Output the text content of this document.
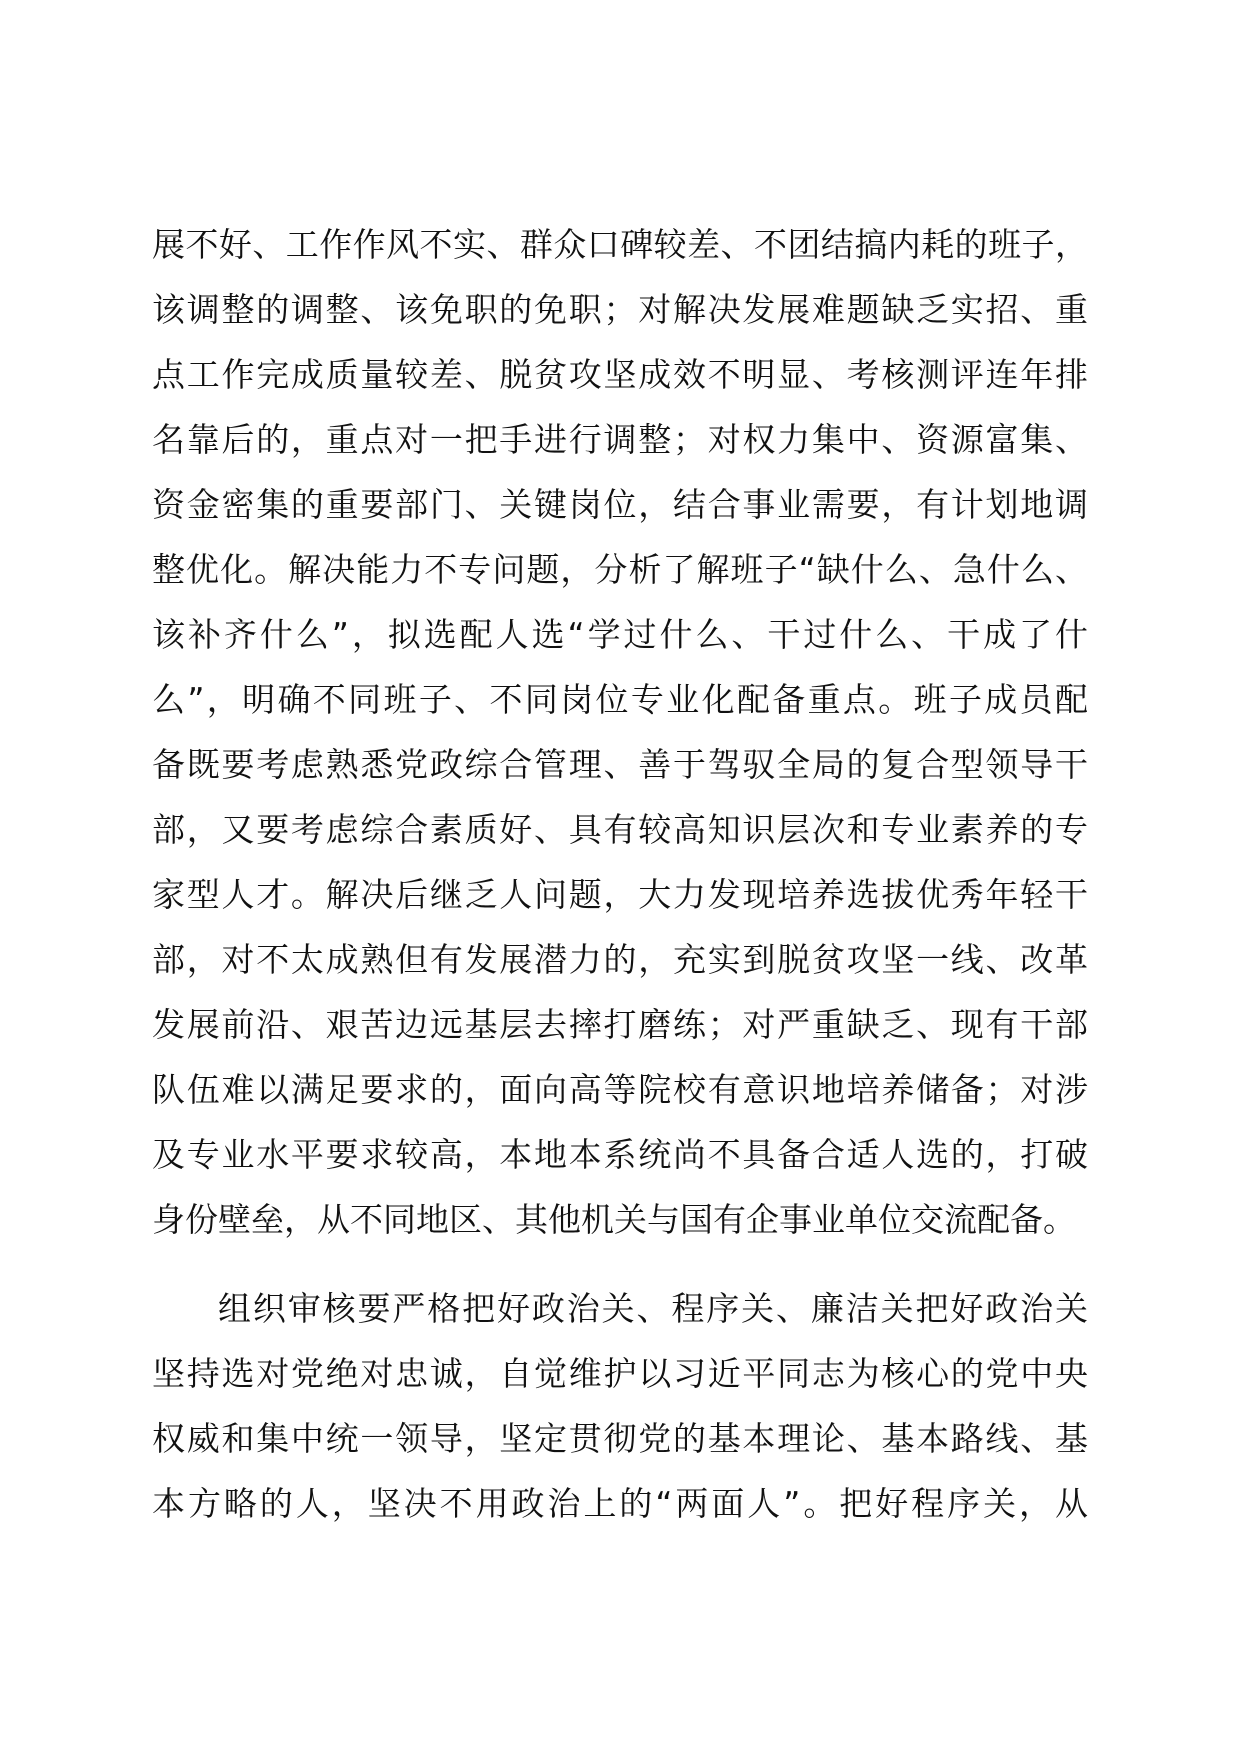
展不好、工作作风不实、群众口碑较差、不团结搞内耗的班子，
该调整的调整、该免职的免职；对解决发展难题缺乏实招、重
点工作完成质量较差、脱贫攻坚成效不明显、考核测评连年排
名靠后的，重点对一把手进行调整；对权力集中、资源富集、
资金密集的重要部门、关键岗位，结合事业需要，有计划地调
整优化。解决能力不专问题，分析了解班子“缺什么、急什么、
该补齐什么”，拟选配人选“学过什么、干过什么、干成了什
么”，明确不同班子、不同岗位专业化配备重点。班子成员配
备既要考虑熟悉党政综合管理、善于驾驭全局的复合型领导干
部，又要考虑综合素质好、具有较高知识层次和专业素养的专
家型人才。解决后继乏人问题，大力发现培养选拔优秀年轻干
部，对不太成熟但有发展潜力的，充实到脱贫攻坚一线、改革
发展前沿、艰苦边远基层去摔打磨练；对严重缺乏、现有干部
队伍难以满足要求的，面向高等院校有意识地培养储备；对涉
及专业水平要求较高，本地本系统尚不具备合适人选的，打破
身份壁垒，从不同地区、其他机关与国有企事业单位交流配备。
组织审核要严格把好政治关、程序关、廉洁关把好政治关
坚持选对党绝对忠诚，自觉维护以习近平同志为核心的党中央
权威和集中统一领导，坚定贯彻党的基本理论、基本路线、基
本方略的人，坚决不用政治上的“两面人”。把好程序关，从
